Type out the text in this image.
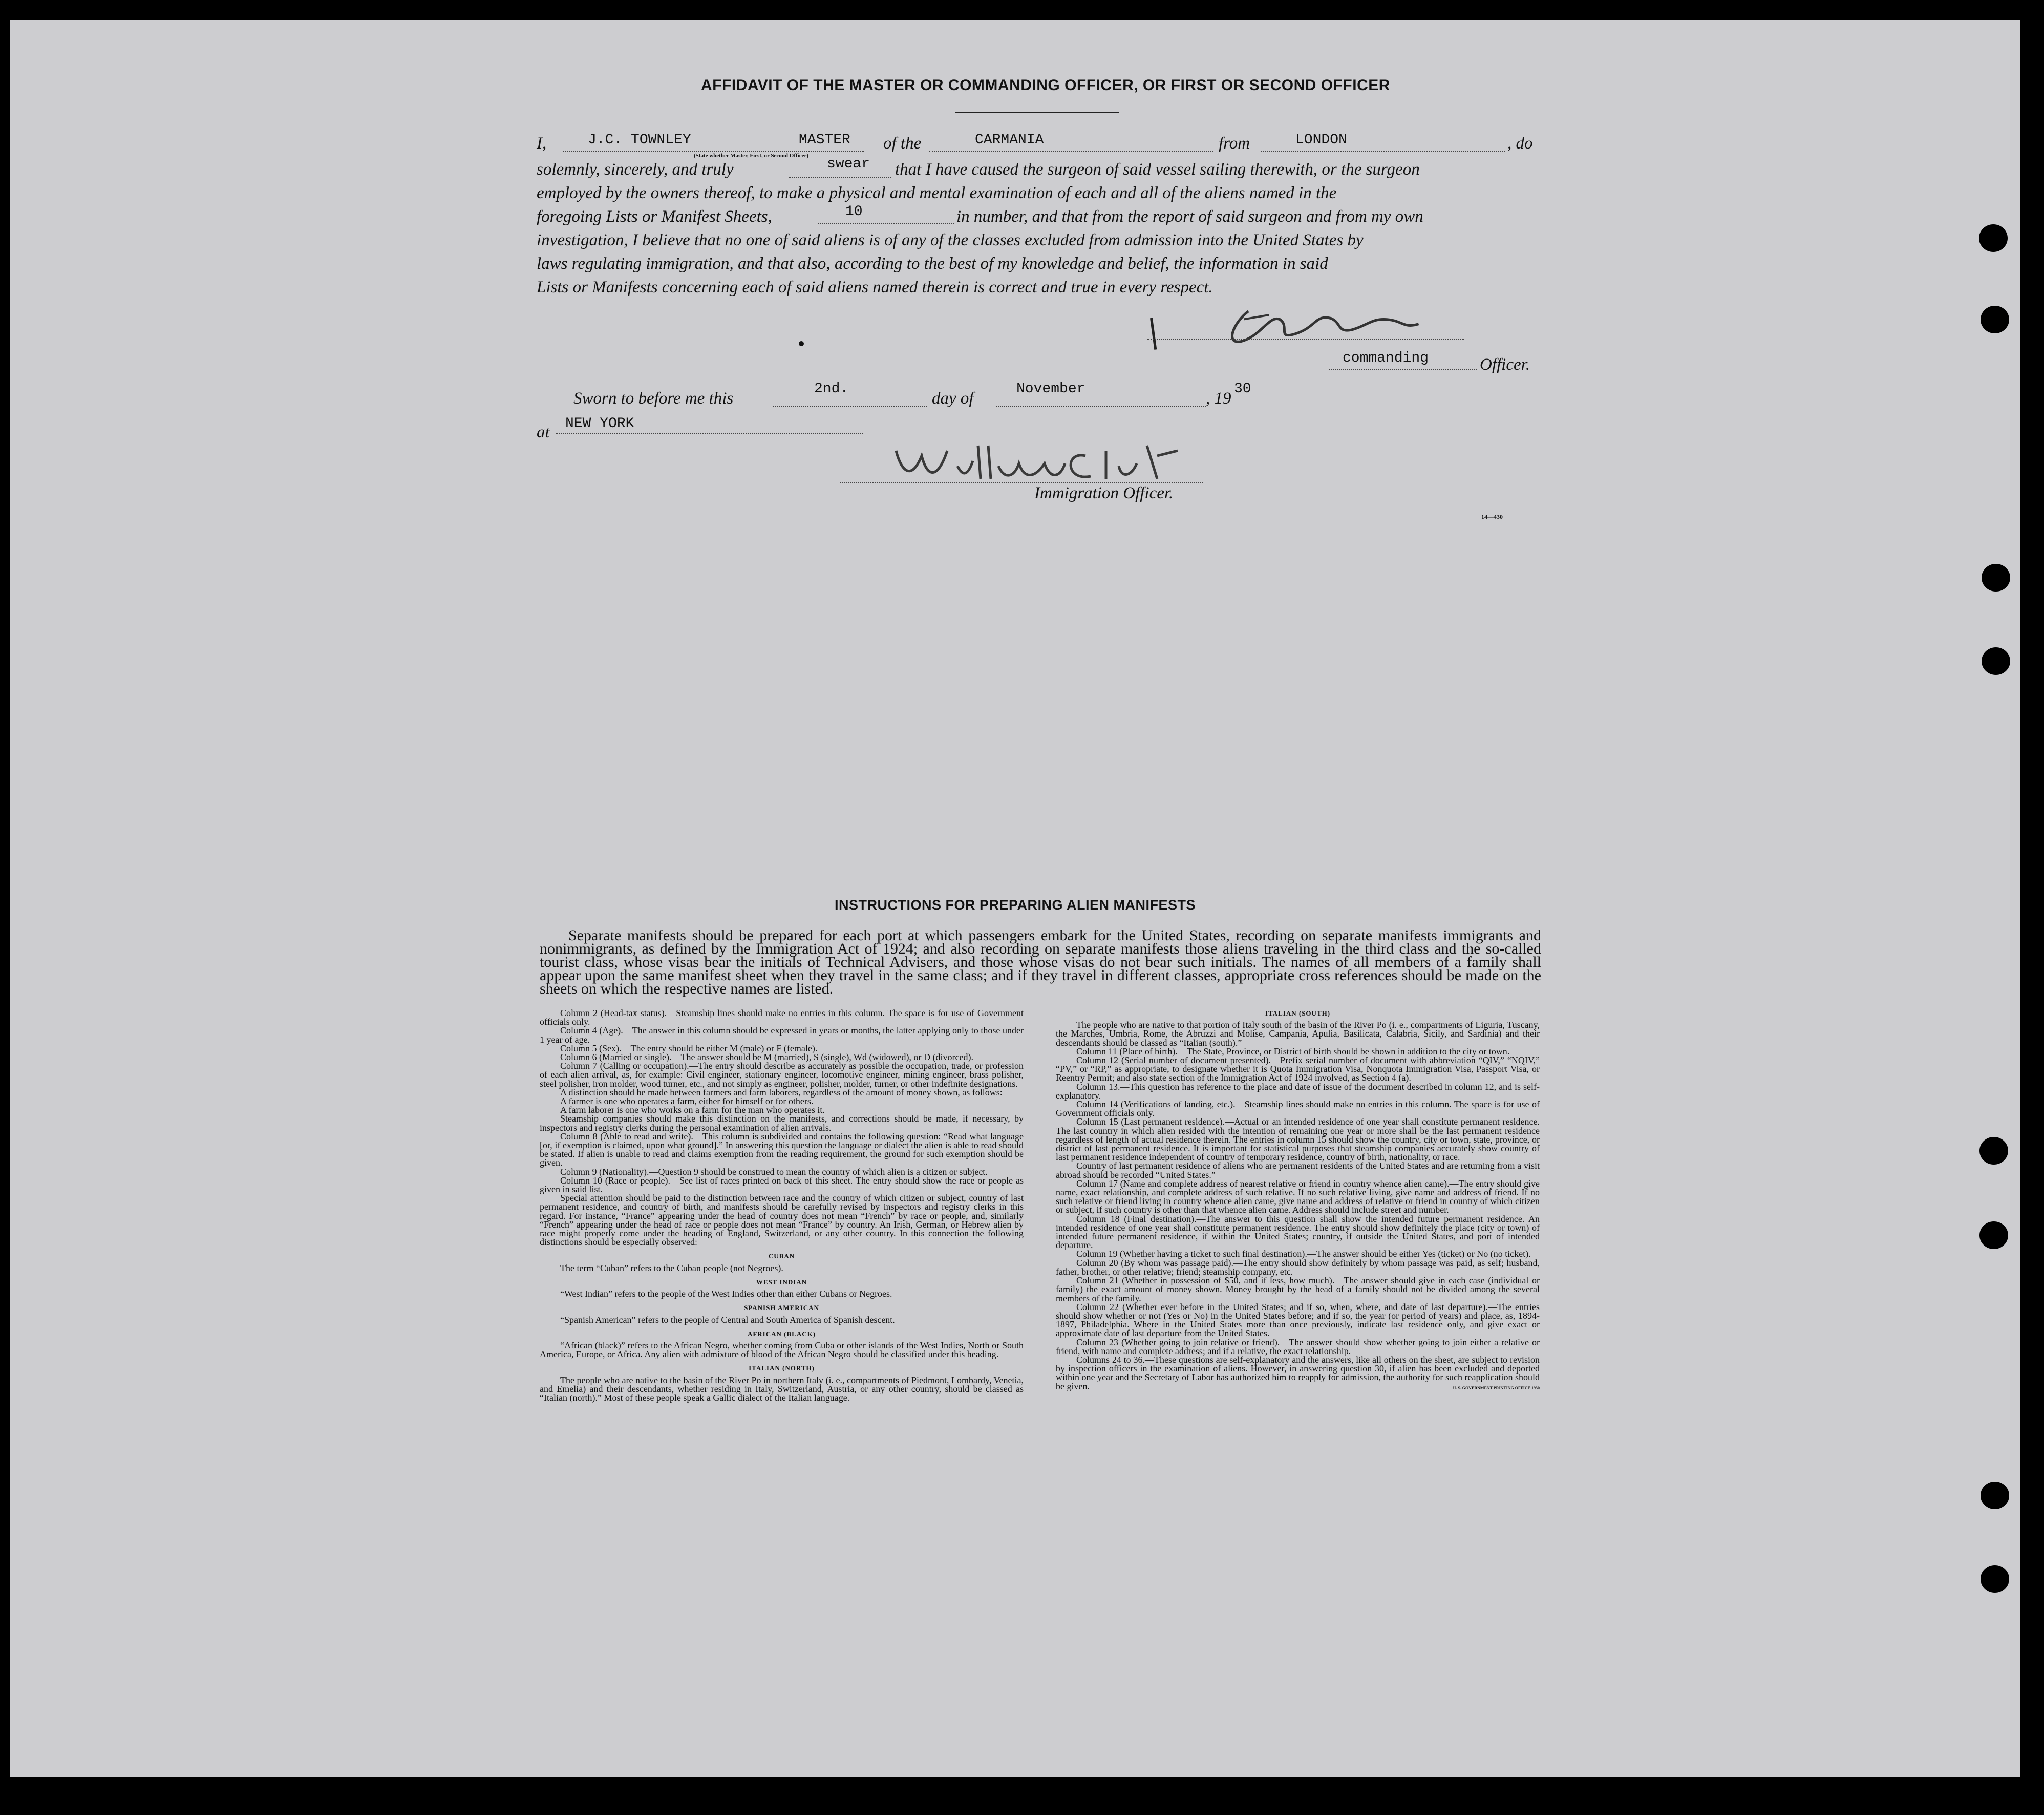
AFFIDAVIT OF THE MASTER OR COMMANDING OFFICER, OR FIRST OR SECOND OFFICER
I,	J.C. TOWNLEY	MASTER of the	CARMANIA	from	LONDON	, do
(State whether Master, First, or Second Officer)
solemnly, sincerely, and truly	swear that I have caused the surgeon of said vessel sailing therewith, or the surgeon
employed by the owners thereof, to make a physical and mental examination of each and all of the aliens named in the
foregoing Lists or Manifest Sheets,	10	in number, and that from the report of said surgeon and from my own
investigation, I believe that no one of said aliens is of any of the classes excluded from admission into the United States by
laws regulating immigration, and that also, according to the best of my knowledge and belief, the information in said
Lists or Manifests concerning each of said aliens named therein is correct and true in every respect.
commanding	Officer.
Sworn to before me this
2nd.
day of
November
, 19
30
at NEW YORK
Immigration Officer.
14—430
INSTRUCTIONS FOR PREPARING ALIEN MANIFESTS
Separate manifests should be prepared for each port at which passengers embark for the United States, recording on separate manifests immigrants and nonimmigrants, as defined by the Immigration Act of 1924; and also recording on separate manifests those aliens traveling in the third class and the so-called tourist class, whose visas bear the initials of Technical Advisers, and those whose visas do not bear such initials. The names of all members of a family shall appear upon the same manifest sheet when they travel in the same class; and if they travel in different classes, appropriate cross references should be made on the sheets on which the respective names are listed.

Column 2 (Head-tax status).—Steamship lines should make no entries in this column. The space is for use of Government officials only.

Column 4 (Age).—The answer in this column should be expressed in years or months, the latter applying only to those under 1 year of age.

Column 5 (Sex).—The entry should be either M (male) or F (female).

Column 6 (Married or single).—The answer should be M (married), S (single), Wd (widowed), or D (divorced).

Column 7 (Calling or occupation).—The entry should describe as accurately as possible the occupation, trade, or profession of each alien arrival, as, for example: Civil engineer, stationary engineer, locomotive engineer, mining engineer, brass polisher, steel polisher, iron molder, wood turner, etc., and not simply as engineer, polisher, molder, turner, or other indefinite designations.

A distinction should be made between farmers and farm laborers, regardless of the amount of money shown, as follows:

A farmer is one who operates a farm, either for himself or for others.

A farm laborer is one who works on a farm for the man who operates it.

Steamship companies should make this distinction on the manifests, and corrections should be made, if necessary, by inspectors and registry clerks during the personal examination of alien arrivals.

Column 8 (Able to read and write).—This column is subdivided and contains the following question: “Read what language [or, if exemption is claimed, upon what ground].” In answering this question the language or dialect the alien is able to read should be stated. If alien is unable to read and claims exemption from the reading requirement, the ground for such exemption should be given.

Column 9 (Nationality).—Question 9 should be construed to mean the country of which alien is a citizen or subject.

Column 10 (Race or people).—See list of races printed on back of this sheet. The entry should show the race or people as given in said list.

Special attention should be paid to the distinction between race and the country of which citizen or subject, country of last permanent residence, and country of birth, and manifests should be carefully revised by inspectors and registry clerks in this regard. For instance, “France” appearing under the head of country does not mean “French” by race or people, and, similarly “French” appearing under the head of race or people does not mean “France” by country. An Irish, German, or Hebrew alien by race might properly come under the heading of England, Switzerland, or any other country. In this connection the following distinctions should be especially observed:

CUBAN

The term “Cuban” refers to the Cuban people (not Negroes).

WEST INDIAN

“West Indian” refers to the people of the West Indies other than either Cubans or Negroes.

SPANISH AMERICAN

“Spanish American” refers to the people of Central and South America of Spanish descent.

AFRICAN (BLACK)

“African (black)” refers to the African Negro, whether coming from Cuba or other islands of the West Indies, North or South America, Europe, or Africa. Any alien with admixture of blood of the African Negro should be classified under this heading.

ITALIAN (NORTH)

The people who are native to the basin of the River Po in northern Italy (i. e., compartments of Piedmont, Lombardy, Venetia, and Emelia) and their descendants, whether residing in Italy, Switzerland, Austria, or any other country, should be classed as “Italian (north).” Most of these people speak a Gallic dialect of the Italian language.

ITALIAN (SOUTH)

The people who are native to that portion of Italy south of the basin of the River Po (i. e., compartments of Liguria, Tuscany, the Marches, Umbria, Rome, the Abruzzi and Molise, Campania, Apulia, Basilicata, Calabria, Sicily, and Sardinia) and their descendants should be classed as “Italian (south).”

Column 11 (Place of birth).—The State, Province, or District of birth should be shown in addition to the city or town.

Column 12 (Serial number of document presented).—Prefix serial number of document with abbreviation “QIV,” “NQIV,” “PV,” or “RP,” as appropriate, to designate whether it is Quota Immigration Visa, Nonquota Immigration Visa, Passport Visa, or Reentry Permit; and also state section of the Immigration Act of 1924 involved, as Section 4 (a).

Column 13.—This question has reference to the place and date of issue of the document described in column 12, and is self-explanatory.

Column 14 (Verifications of landing, etc.).—Steamship lines should make no entries in this column. The space is for use of Government officials only.

Column 15 (Last permanent residence).—Actual or an intended residence of one year shall constitute permanent residence. The last country in which alien resided with the intention of remaining one year or more shall be the last permanent residence regardless of length of actual residence therein. The entries in column 15 should show the country, city or town, state, province, or district of last permanent residence. It is important for statistical purposes that steamship companies accurately show country of last permanent residence independent of country of temporary residence, country of birth, nationality, or race.

Country of last permanent residence of aliens who are permanent residents of the United States and are returning from a visit abroad should be recorded “United States.”

Column 17 (Name and complete address of nearest relative or friend in country whence alien came).—The entry should give name, exact relationship, and complete address of such relative. If no such relative living, give name and address of friend. If no such relative or friend living in country whence alien came, give name and address of relative or friend in country of which citizen or subject, if such country is other than that whence alien came. Address should include street and number.

Column 18 (Final destination).—The answer to this question shall show the intended future permanent residence. An intended residence of one year shall constitute permanent residence. The entry should show definitely the place (city or town) of intended future permanent residence, if within the United States; country, if outside the United States, and port of intended departure.

Column 19 (Whether having a ticket to such final destination).—The answer should be either Yes (ticket) or No (no ticket).

Column 20 (By whom was passage paid).—The entry should show definitely by whom passage was paid, as self; husband, father, brother, or other relative; friend; steamship company, etc.

Column 21 (Whether in possession of $50, and if less, how much).—The answer should give in each case (individual or family) the exact amount of money shown. Money brought by the head of a family should not be divided among the several members of the family.

Column 22 (Whether ever before in the United States; and if so, when, where, and date of last departure).—The entries should show whether or not (Yes or No) in the United States before; and if so, the year (or period of years) and place, as, 1894-1897, Philadelphia. Where in the United States more than once previously, indicate last residence only, and give exact or approximate date of last departure from the United States.

Column 23 (Whether going to join relative or friend).—The answer should show whether going to join either a relative or friend, with name and complete address; and if a relative, the exact relationship.

Columns 24 to 36.—These questions are self-explanatory and the answers, like all others on the sheet, are subject to revision by inspection officers in the examination of aliens. However, in answering question 30, if alien has been excluded and deported within one year and the Secretary of Labor has authorized him to reapply for admission, the authority for such reapplication should be given.	U. S. GOVERNMENT PRINTING OFFICE 1930
